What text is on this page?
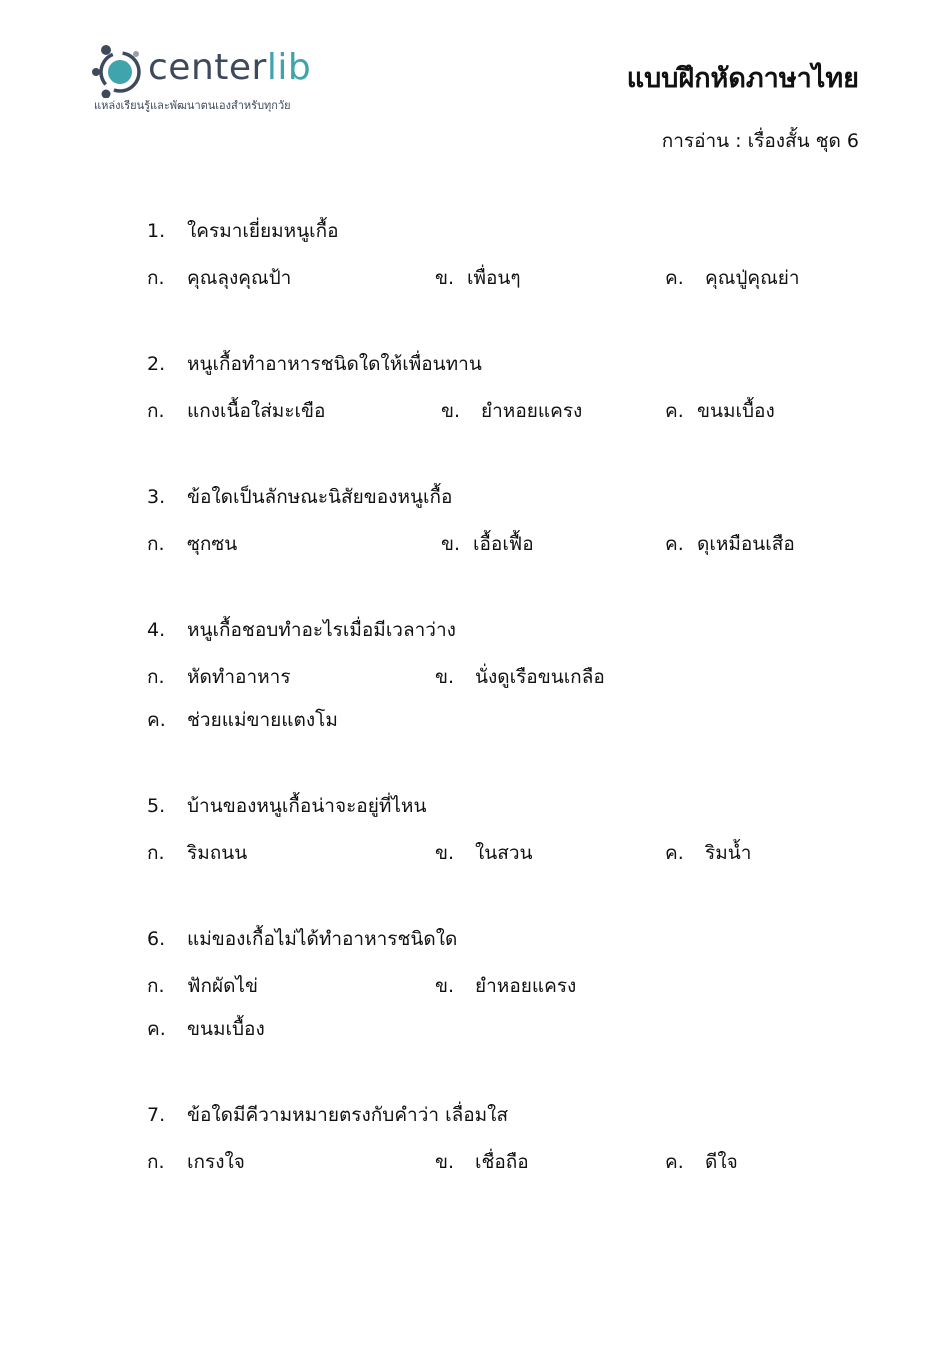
centerlib
แหล่งเรียนรู้และพัฒนาตนเองสำหรับทุกวัย
แบบฝึกหัดภาษาไทย
การอ่าน : เรื่องสั้น ชุด 6
1. ใครมาเยี่ยมหนูเกื้อ
ก. คุณลุงคุณป้า	ข. เพื่อนๆ	ค. คุณปู่คุณย่า
2. หนูเกื้อทำอาหารชนิดใดให้เพื่อนทาน
ก. แกงเนื้อใส่มะเขือ	ข. ยำหอยแครง	ค. ขนมเบื้อง
3. ข้อใดเป็นลักษณะนิสัยของหนูเกื้อ
ก. ซุกซน	ข. เอื้อเฟื้อ	ค. ดุเหมือนเสือ
4. หนูเกื้อชอบทำอะไรเมื่อมีเวลาว่าง
ก. หัดทำอาหาร	ข. นั่งดูเรือขนเกลือ
ค. ช่วยแม่ขายแตงโม
5. บ้านของหนูเกื้อน่าจะอยู่ที่ไหน
ก. ริมถนน	ข. ในสวน	ค. ริมน้ำ
6. แม่ของเกื้อไม่ได้ทำอาหารชนิดใด
ก. ฟักผัดไข่	ข. ยำหอยแครง
ค. ขนมเบื้อง
7. ข้อใดมีคีวามหมายตรงกับคำว่า เลื่อมใส
ก. เกรงใจ	ข. เชื่อถือ	ค. ดีใจ
